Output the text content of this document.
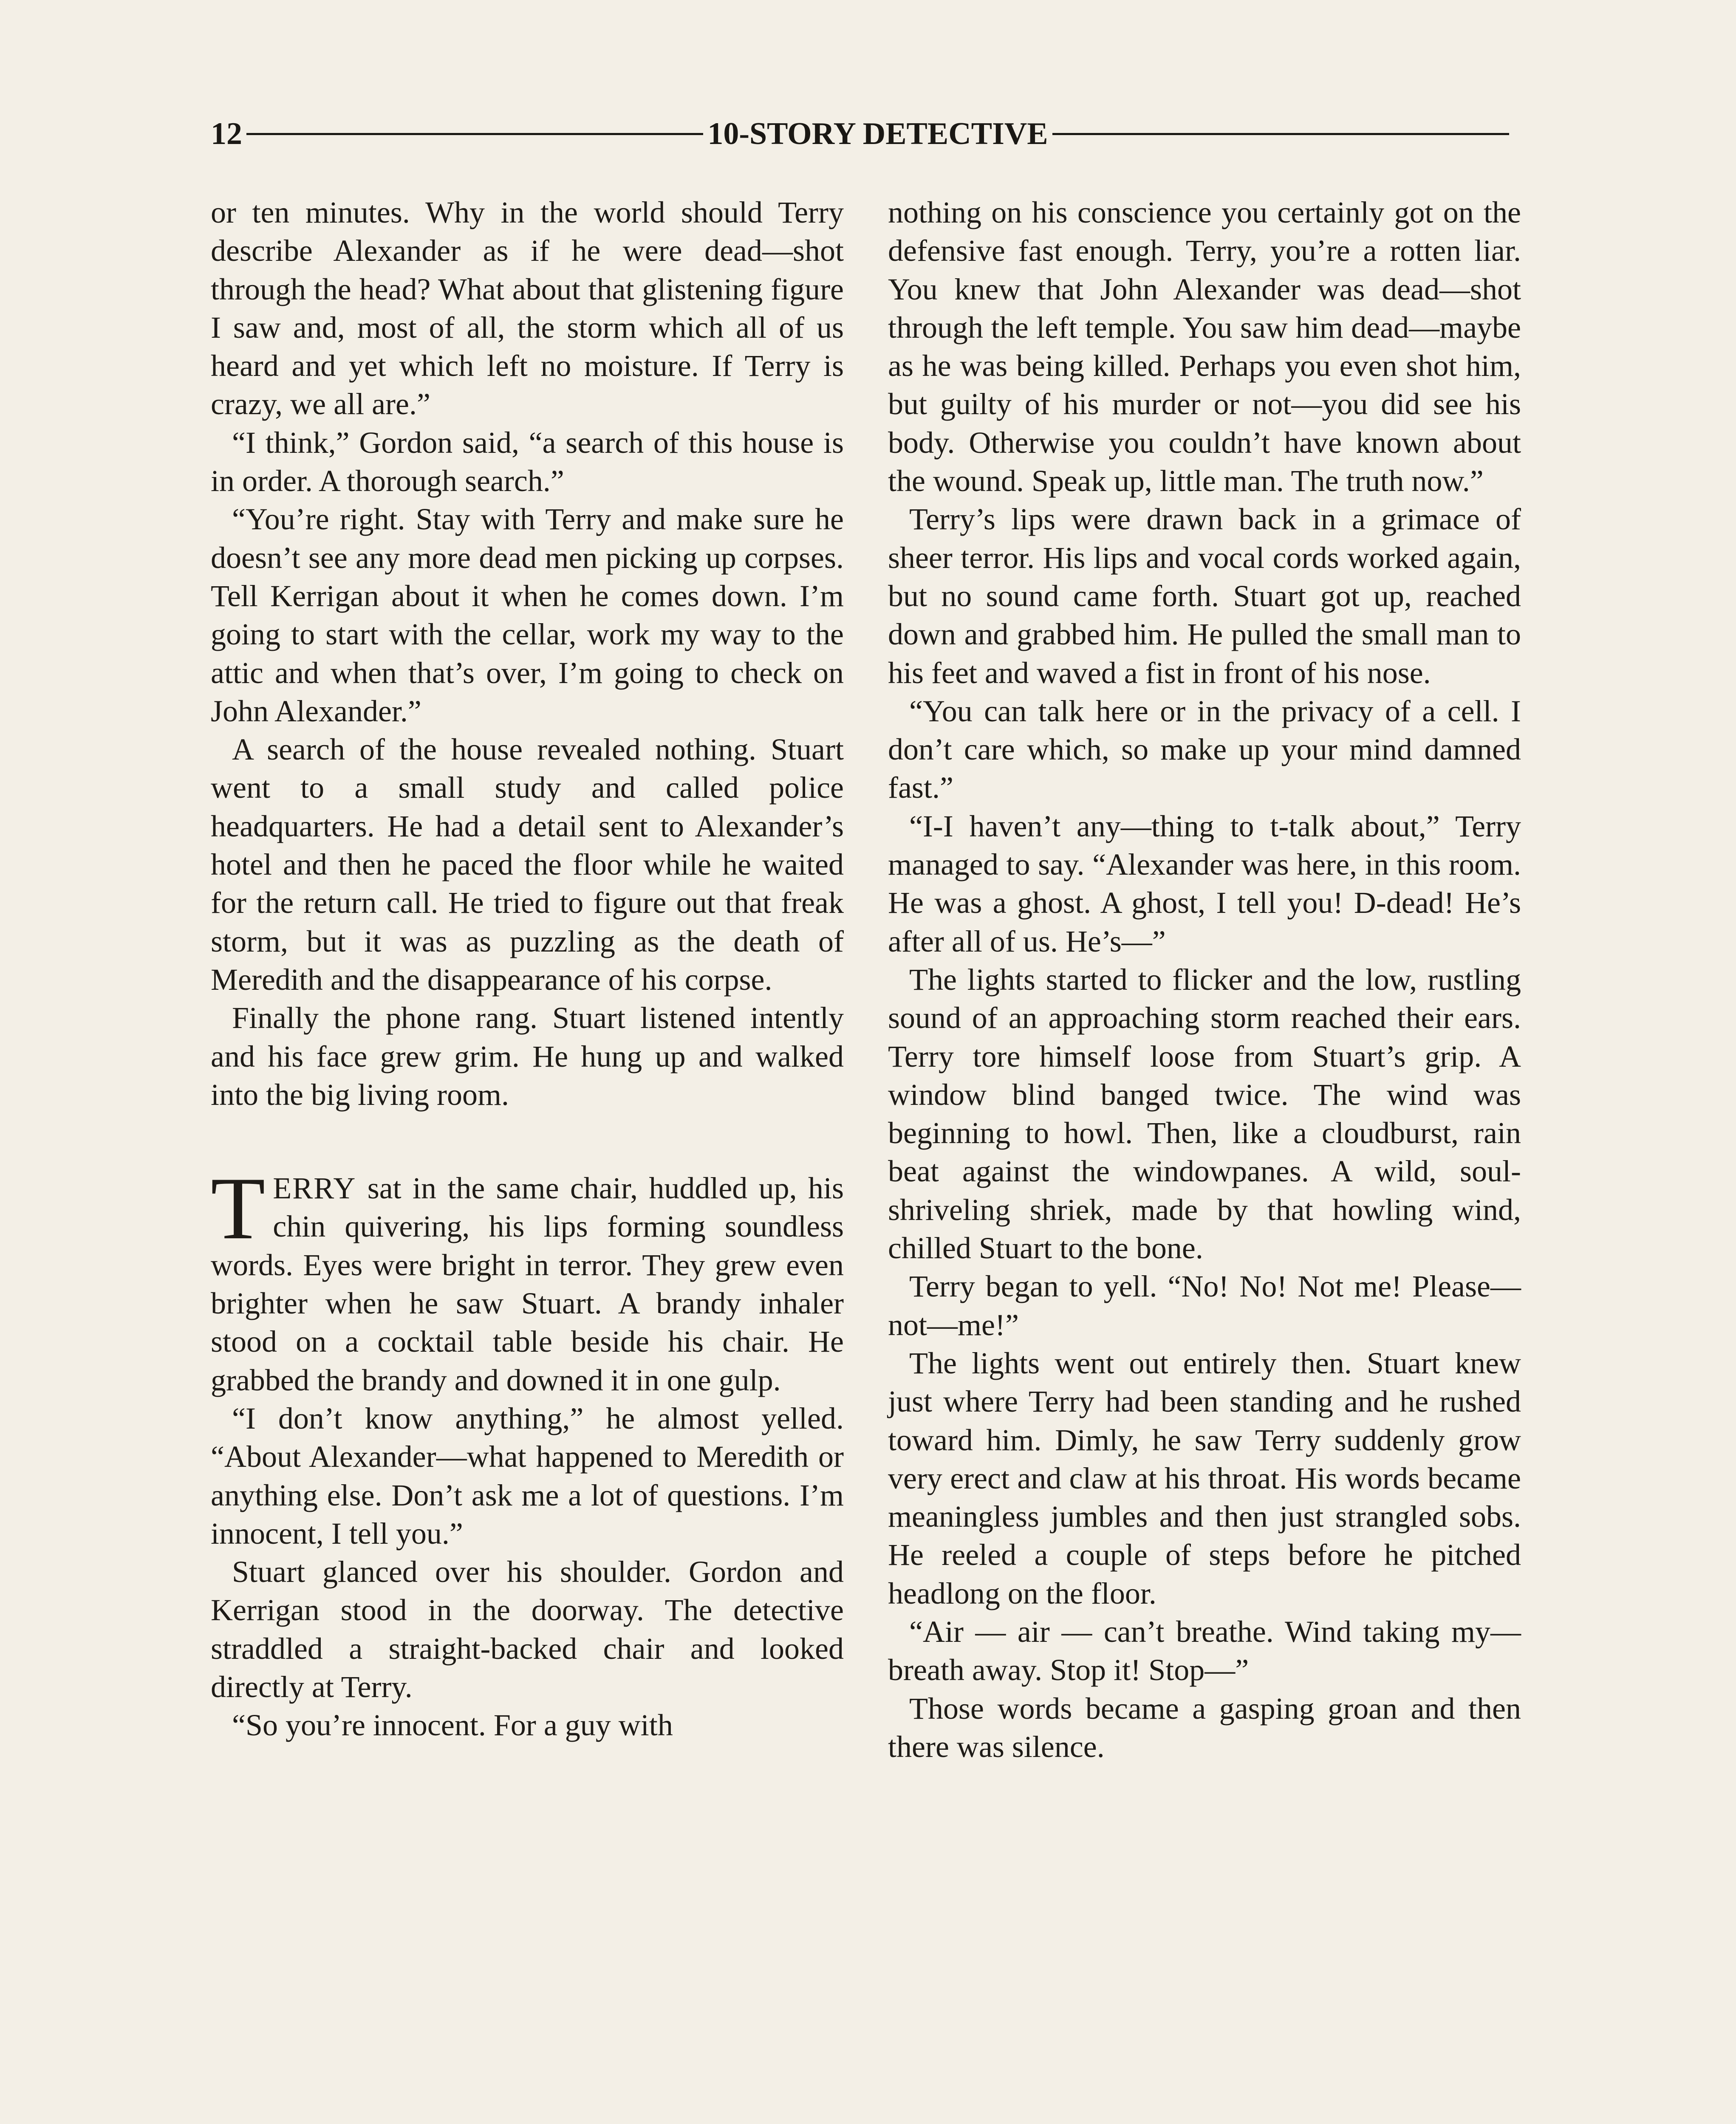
12	10-STORY DETECTIVE

or ten minutes. Why in the world should Terry describe Alexander as if he were dead—shot through the head? What about that glistening figure I saw and, most of all, the storm which all of us heard and yet which left no moisture. If Terry is crazy, we all are.”

“I think,” Gordon said, “a search of this house is in order. A thorough search.”

“You’re right. Stay with Terry and make sure he doesn’t see any more dead men picking up corpses. Tell Kerrigan about it when he comes down. I’m going to start with the cellar, work my way to the attic and when that’s over, I’m going to check on John Alexander.”

A search of the house revealed nothing. Stuart went to a small study and called police headquarters. He had a detail sent to Alexander’s hotel and then he paced the floor while he waited for the return call. He tried to figure out that freak storm, but it was as puzzling as the death of Meredith and the disappearance of his corpse.

Finally the phone rang. Stuart listened intently and his face grew grim. He hung up and walked into the big living room.

TERRY sat in the same chair, huddled up, his chin quivering, his lips forming soundless words. Eyes were bright in terror. They grew even brighter when he saw Stuart. A brandy inhaler stood on a cocktail table beside his chair. He grabbed the brandy and downed it in one gulp.

“I don’t know anything,” he almost yelled. “About Alexander—what happened to Meredith or anything else. Don’t ask me a lot of questions. I’m innocent, I tell you.”

Stuart glanced over his shoulder. Gordon and Kerrigan stood in the doorway. The detective straddled a straight-backed chair and looked directly at Terry.

“So you’re innocent. For a guy with

nothing on his conscience you certainly got on the defensive fast enough. Terry, you’re a rotten liar. You knew that John Alexander was dead—shot through the left temple. You saw him dead—maybe as he was being killed. Perhaps you even shot him, but guilty of his murder or not—you did see his body. Otherwise you couldn’t have known about the wound. Speak up, little man. The truth now.”

Terry’s lips were drawn back in a grimace of sheer terror. His lips and vocal cords worked again, but no sound came forth. Stuart got up, reached down and grabbed him. He pulled the small man to his feet and waved a fist in front of his nose.

“You can talk here or in the privacy of a cell. I don’t care which, so make up your mind damned fast.”

“I-I haven’t any—thing to t-talk about,” Terry managed to say. “Alexander was here, in this room. He was a ghost. A ghost, I tell you! D-dead! He’s after all of us. He’s—”

The lights started to flicker and the low, rustling sound of an approaching storm reached their ears. Terry tore himself loose from Stuart’s grip. A window blind banged twice. The wind was beginning to howl. Then, like a cloudburst, rain beat against the windowpanes. A wild, soul-shriveling shriek, made by that howling wind, chilled Stuart to the bone.

Terry began to yell. “No! No! Not me! Please—not—me!”

The lights went out entirely then. Stuart knew just where Terry had been standing and he rushed toward him. Dimly, he saw Terry suddenly grow very erect and claw at his throat. His words became meaningless jumbles and then just strangled sobs. He reeled a couple of steps before he pitched headlong on the floor.

“Air — air — can’t breathe. Wind taking my—breath away. Stop it! Stop—”

Those words became a gasping groan and then there was silence.
